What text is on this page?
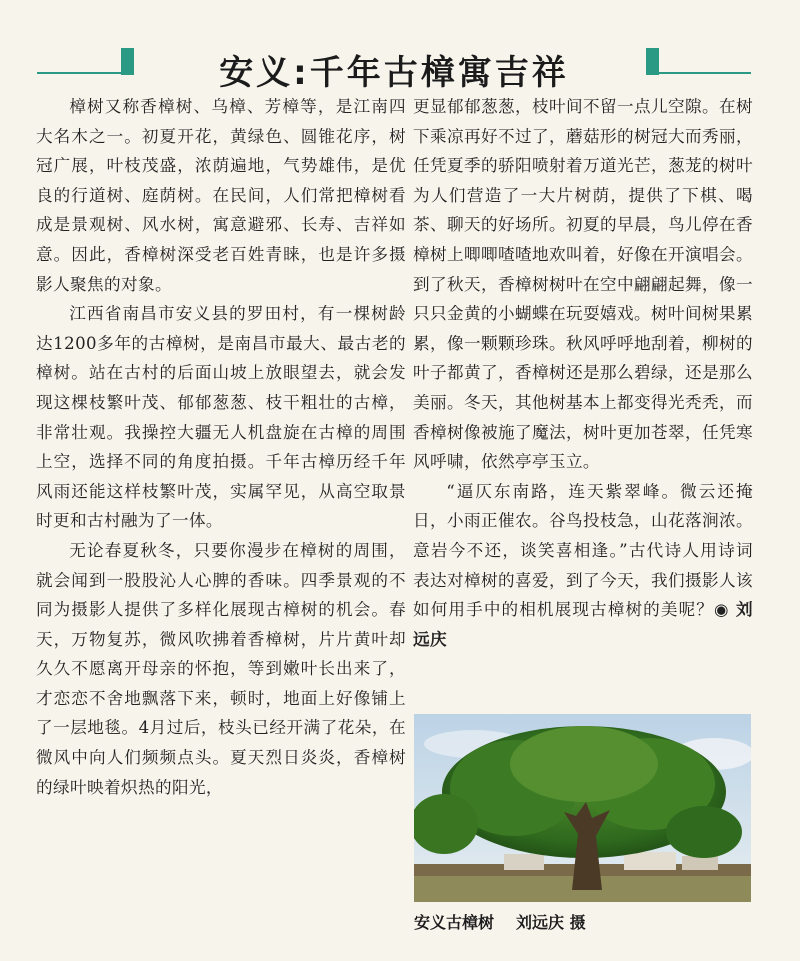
安义:千年古樟寓吉祥

樟树又称香樟树、乌樟、芳樟等，是江南四大名木之一。初夏开花，黄绿色、圆锥花序，树冠广展，叶枝茂盛，浓荫遍地，气势雄伟，是优良的行道树、庭荫树。在民间，人们常把樟树看成是景观树、风水树，寓意避邪、长寿、吉祥如意。因此，香樟树深受老百姓青睐，也是许多摄影人聚焦的对象。

江西省南昌市安义县的罗田村，有一棵树龄达1200多年的古樟树，是南昌市最大、最古老的樟树。站在古村的后面山坡上放眼望去，就会发现这棵枝繁叶茂、郁郁葱葱、枝干粗壮的古樟，非常壮观。我操控大疆无人机盘旋在古樟的周围上空，选择不同的角度拍摄。千年古樟历经千年风雨还能这样枝繁叶茂，实属罕见，从高空取景时更和古村融为了一体。

无论春夏秋冬，只要你漫步在樟树的周围，就会闻到一股股沁人心脾的香味。四季景观的不同为摄影人提供了多样化展现古樟树的机会。春天，万物复苏，微风吹拂着香樟树，片片黄叶却久久不愿离开母亲的怀抱，等到嫩叶长出来了，才恋恋不舍地飘落下来，顿时，地面上好像铺上了一层地毯。4月过后，枝头已经开满了花朵，在微风中向人们频频点头。夏天烈日炎炎，香樟树的绿叶映着炽热的阳光，

更显郁郁葱葱，枝叶间不留一点儿空隙。在树下乘凉再好不过了，蘑菇形的树冠大而秀丽，任凭夏季的骄阳喷射着万道光芒，葱茏的树叶为人们营造了一大片树荫，提供了下棋、喝茶、聊天的好场所。初夏的早晨，鸟儿停在香樟树上唧唧喳喳地欢叫着，好像在开演唱会。到了秋天，香樟树树叶在空中翩翩起舞，像一只只金黄的小蝴蝶在玩耍嬉戏。树叶间树果累累，像一颗颗珍珠。秋风呼呼地刮着，柳树的叶子都黄了，香樟树还是那么碧绿，还是那么美丽。冬天，其他树基本上都变得光秃秃，而香樟树像被施了魔法，树叶更加苍翠，任凭寒风呼啸，依然亭亭玉立。

“逼仄东南路，连天紫翠峰。微云还掩日，小雨正催农。谷鸟投枝急，山花落涧浓。意岩今不还，谈笑喜相逢。”古代诗人用诗词表达对樟树的喜爱，到了今天，我们摄影人该如何用手中的相机展现古樟树的美呢？◉ 刘远庆

安义古樟树 刘远庆 摄
